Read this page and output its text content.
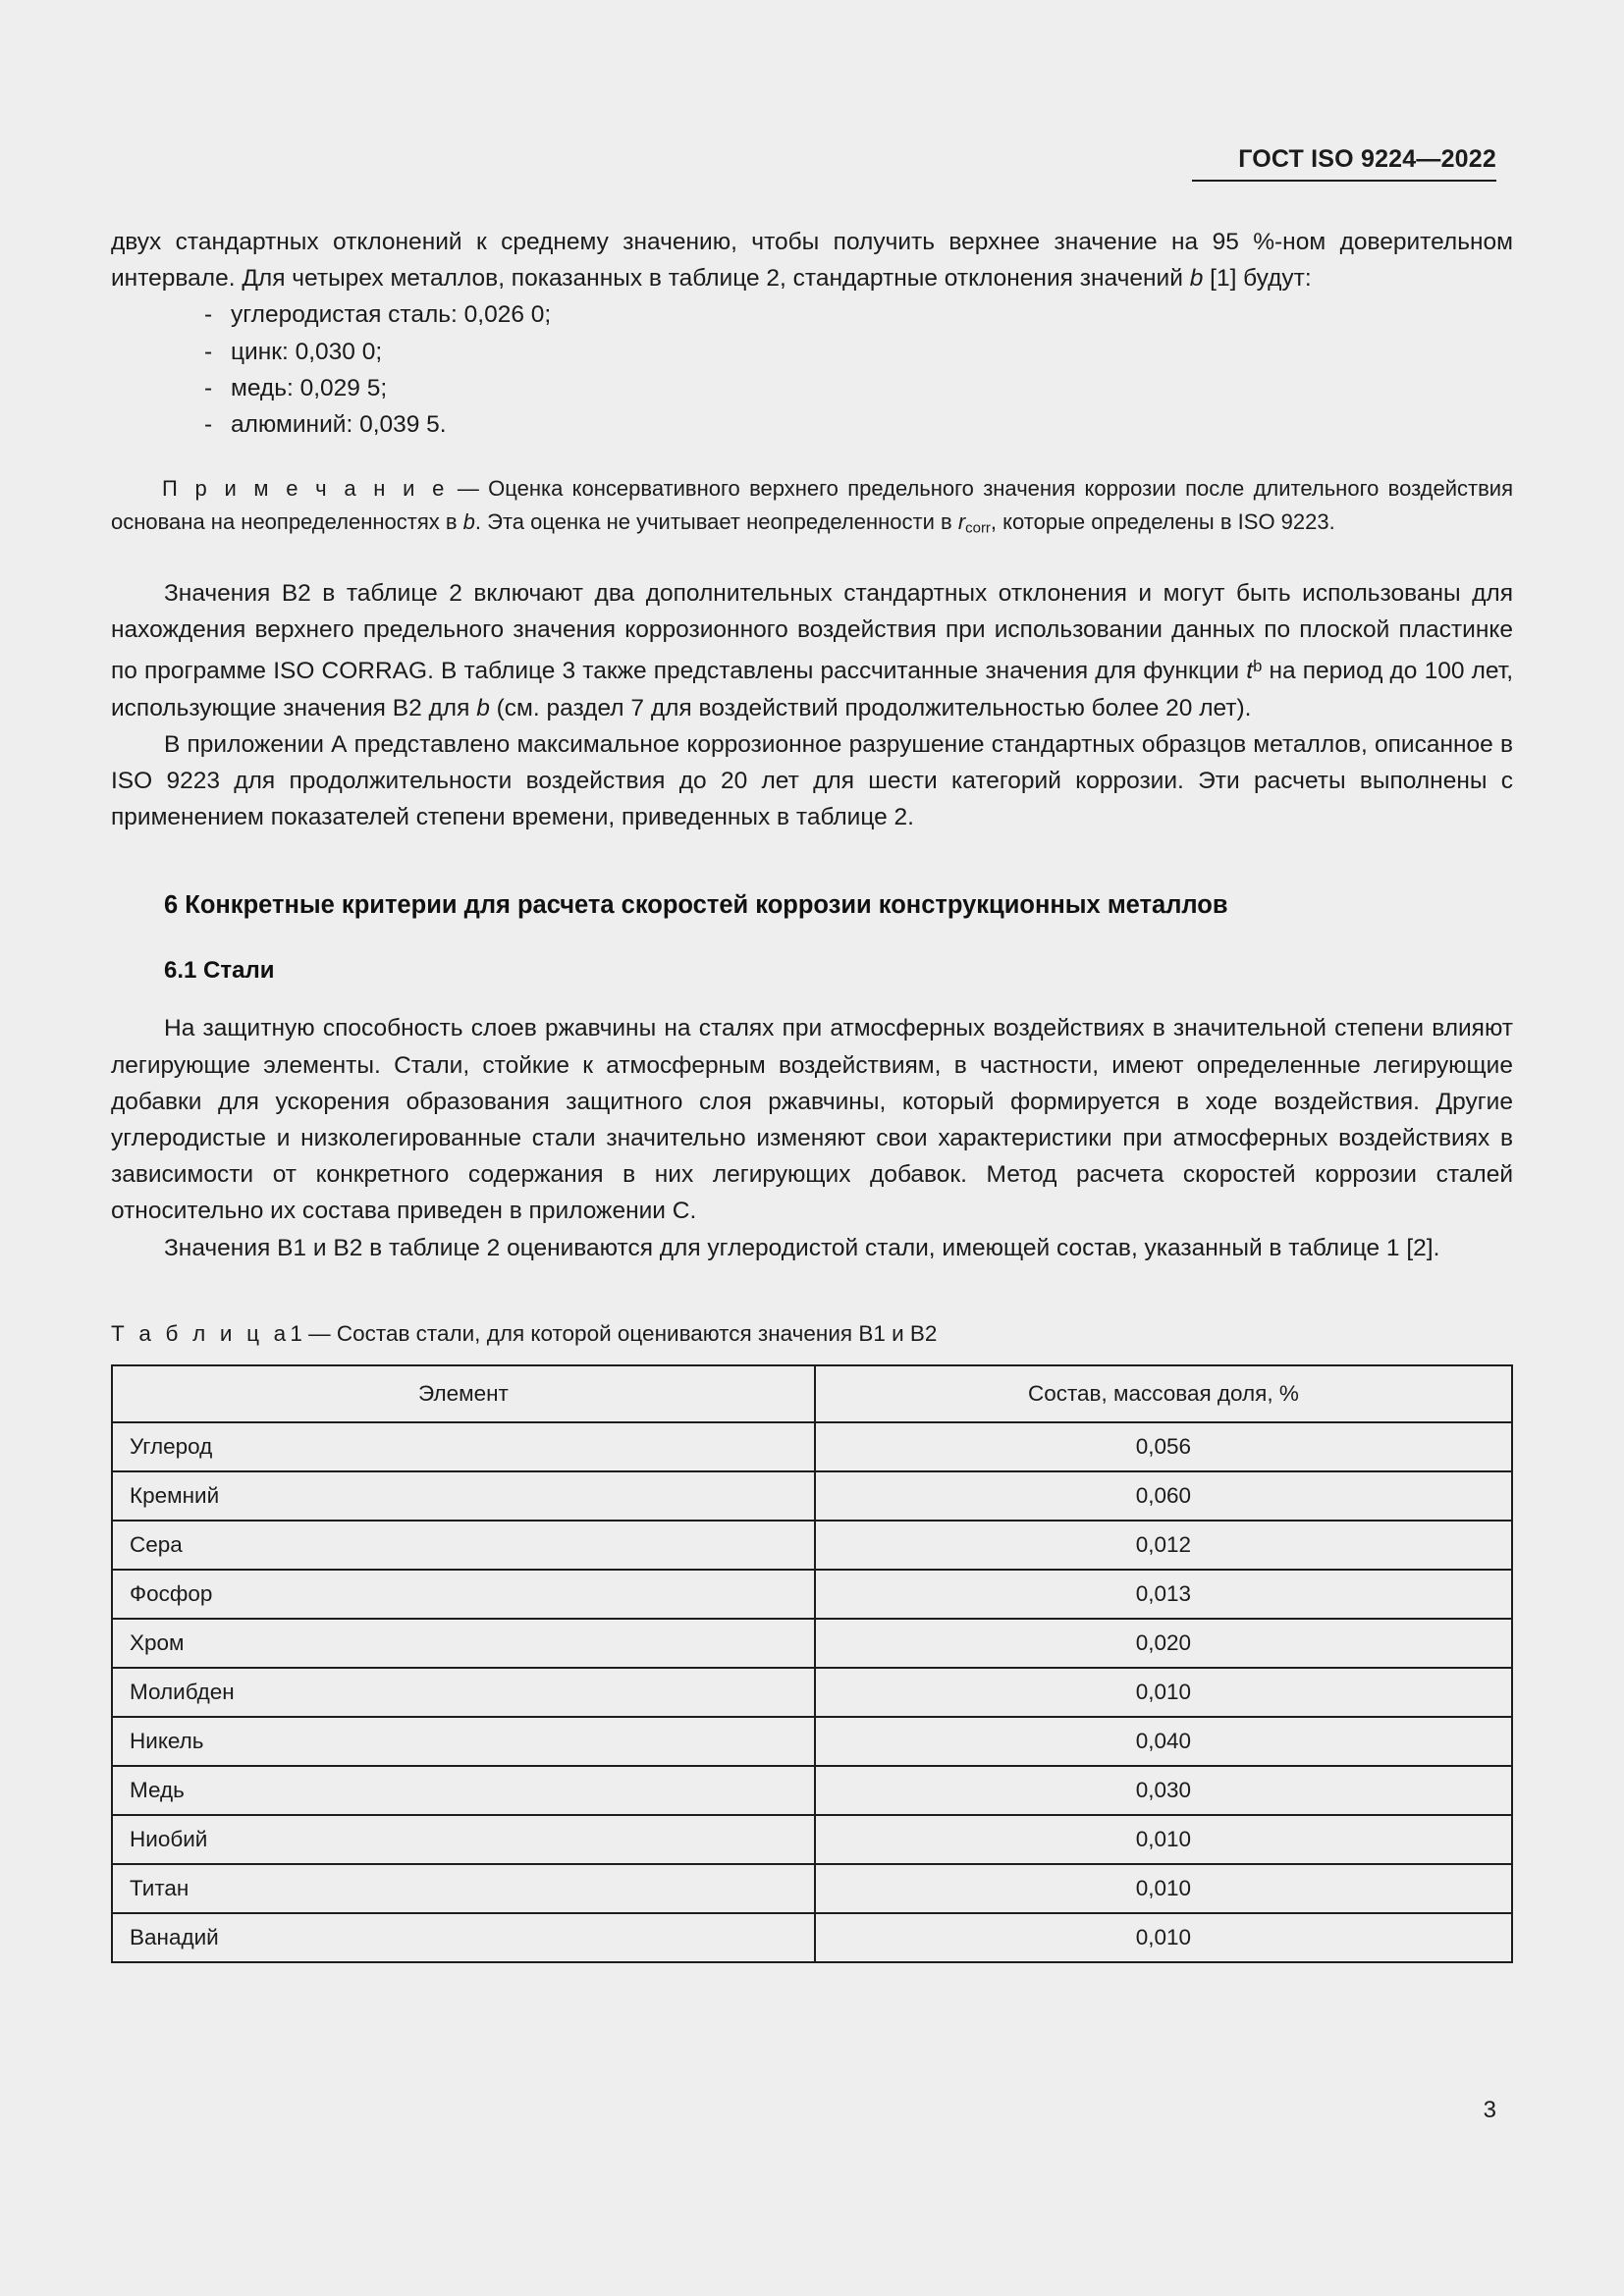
ГОСТ ISO 9224—2022

двух стандартных отклонений к среднему значению, чтобы получить верхнее значение на 95 %-ном доверительном интервале. Для четырех металлов, показанных в таблице 2, стандартные отклонения значений b [1] будут:

- углеродистая сталь: 0,026 0;
- цинк: 0,030 0;
- медь: 0,029 5;
- алюминий: 0,039 5.

П р и м е ч а н и е — Оценка консервативного верхнего предельного значения коррозии после длительного воздействия основана на неопределенностях в b. Эта оценка не учитывает неопределенности в $r_{corr}$, которые определены в ISO 9223.

Значения В2 в таблице 2 включают два дополнительных стандартных отклонения и могут быть использованы для нахождения верхнего предельного значения коррозионного воздействия при использовании данных по плоской пластинке по программе ISO CORRAG. В таблице 3 также представлены рассчитанные значения для функции $t^b$ на период до 100 лет, использующие значения В2 для b (см. раздел 7 для воздействий продолжительностью более 20 лет).

В приложении А представлено максимальное коррозионное разрушение стандартных образцов металлов, описанное в ISO 9223 для продолжительности воздействия до 20 лет для шести категорий коррозии. Эти расчеты выполнены с применением показателей степени времени, приведенных в таблице 2.

6 Конкретные критерии для расчета скоростей коррозии конструкционных металлов
6.1 Стали

На защитную способность слоев ржавчины на сталях при атмосферных воздействиях в значительной степени влияют легирующие элементы. Стали, стойкие к атмосферным воздействиям, в частности, имеют определенные легирующие добавки для ускорения образования защитного слоя ржавчины, который формируется в ходе воздействия. Другие углеродистые и низколегированные стали значительно изменяют свои характеристики при атмосферных воздействиях в зависимости от конкретного содержания в них легирующих добавок. Метод расчета скоростей коррозии сталей относительно их состава приведен в приложении С.

Значения В1 и В2 в таблице 2 оцениваются для углеродистой стали, имеющей состав, указанный в таблице 1 [2].

Т а б л и ц а1 — Состав стали, для которой оцениваются значения В1 и В2

Элемент	Состав, массовая доля, %
Углерод	0,056
Кремний	0,060
Сера	0,012
Фосфор	0,013
Хром	0,020
Молибден	0,010
Никель	0,040
Медь	0,030
Ниобий	0,010
Титан	0,010
Ванадий	0,010
3
